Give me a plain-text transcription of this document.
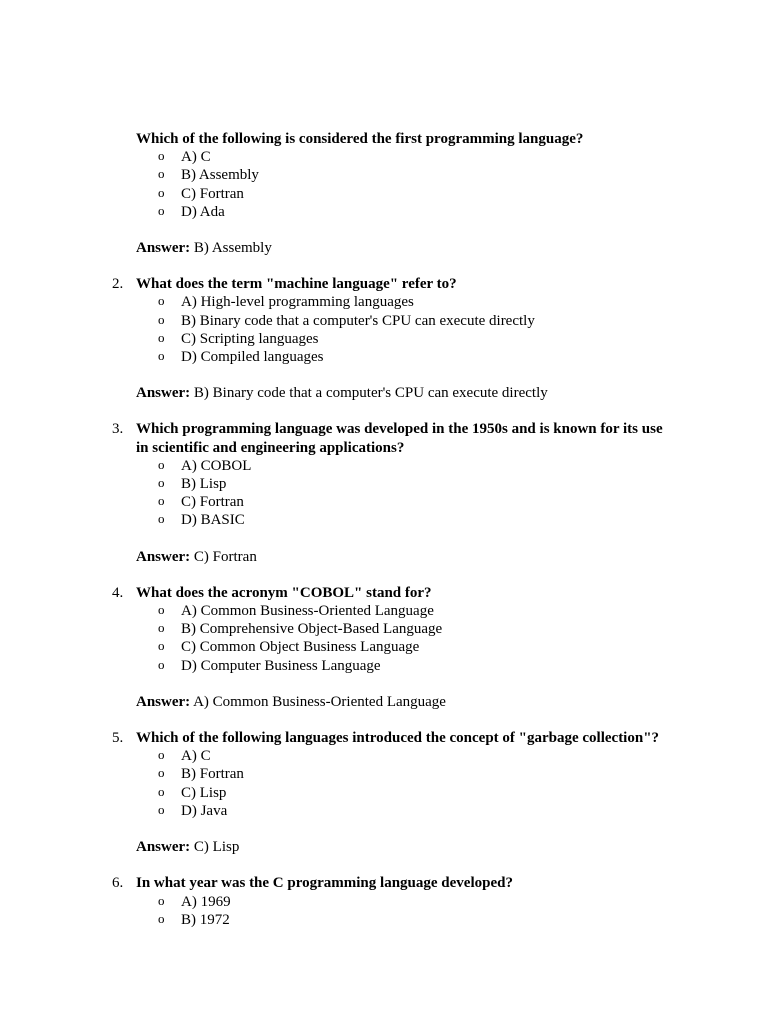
Which of the following is considered the first programming language?
o A) C
o B) Assembly
o C) Fortran
o D) Ada
Answer: B) Assembly
2. What does the term "machine language" refer to?
o A) High-level programming languages
o B) Binary code that a computer's CPU can execute directly
o C) Scripting languages
o D) Compiled languages
Answer: B) Binary code that a computer's CPU can execute directly
3. Which programming language was developed in the 1950s and is known for its use in scientific and engineering applications?
o A) COBOL
o B) Lisp
o C) Fortran
o D) BASIC
Answer: C) Fortran
4. What does the acronym "COBOL" stand for?
o A) Common Business-Oriented Language
o B) Comprehensive Object-Based Language
o C) Common Object Business Language
o D) Computer Business Language
Answer: A) Common Business-Oriented Language
5. Which of the following languages introduced the concept of "garbage collection"?
o A) C
o B) Fortran
o C) Lisp
o D) Java
Answer: C) Lisp
6. In what year was the C programming language developed?
o A) 1969
o B) 1972
